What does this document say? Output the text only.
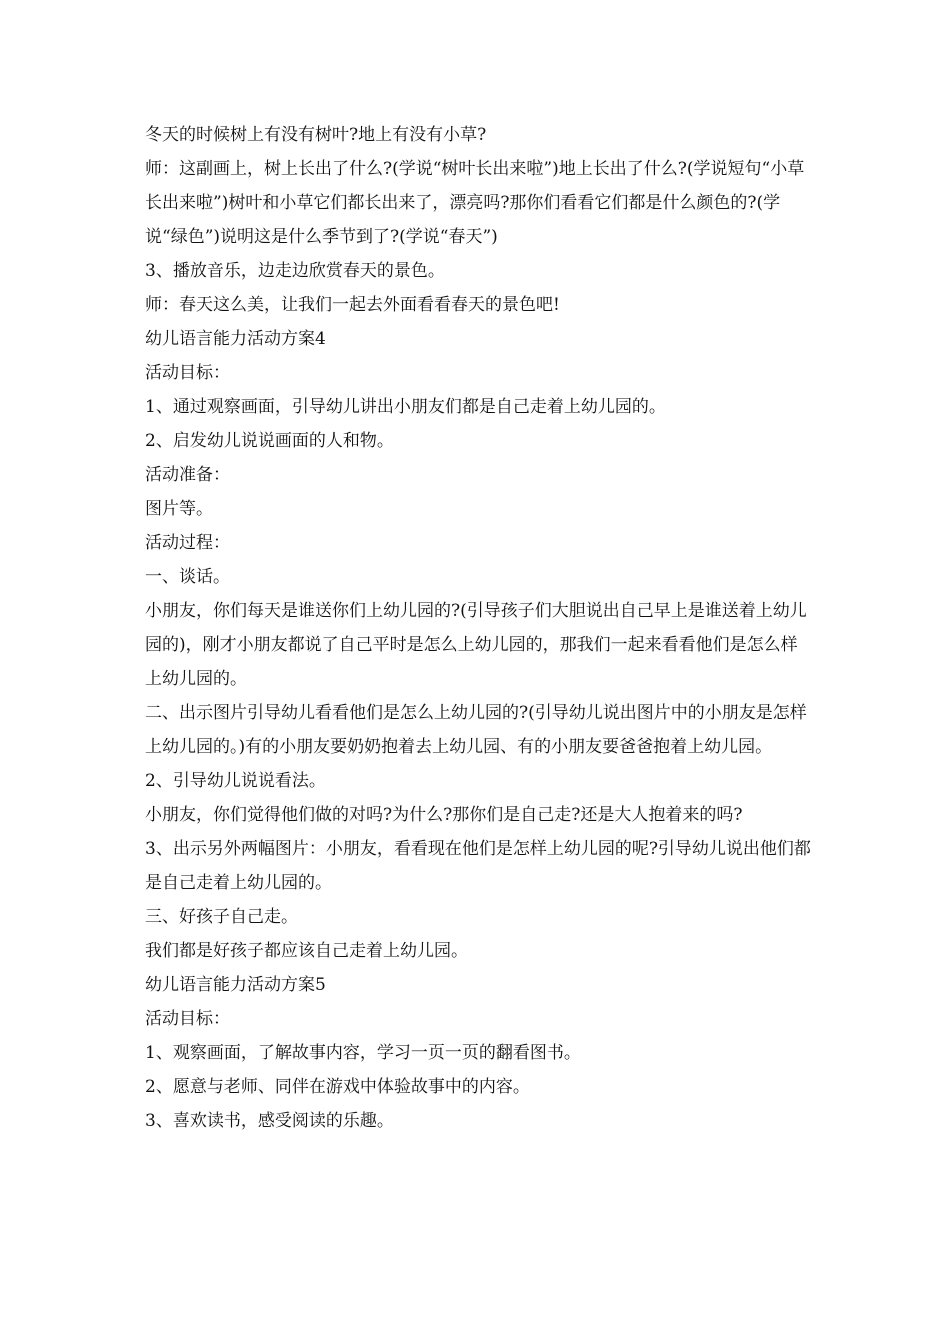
冬天的时候树上有没有树叶?地上有没有小草?

师：这副画上，树上长出了什么?(学说“树叶长出来啦”)地上长出了什么?(学说短句“小草长出来啦”)树叶和小草它们都长出来了，漂亮吗?那你们看看它们都是什么颜色的?(学说“绿色”)说明这是什么季节到了?(学说“春天”)

3、播放音乐，边走边欣赏春天的景色。

师：春天这么美，让我们一起去外面看看春天的景色吧!

幼儿语言能力活动方案4

活动目标：

1、通过观察画面，引导幼儿讲出小朋友们都是自己走着上幼儿园的。

2、启发幼儿说说画面的人和物。

活动准备：

图片等。

活动过程：

一、谈话。

小朋友，你们每天是谁送你们上幼儿园的?(引导孩子们大胆说出自己早上是谁送着上幼儿园的)，刚才小朋友都说了自己平时是怎么上幼儿园的，那我们一起来看看他们是怎么样上幼儿园的。

二、出示图片引导幼儿看看他们是怎么上幼儿园的?(引导幼儿说出图片中的小朋友是怎样上幼儿园的。)有的小朋友要奶奶抱着去上幼儿园、有的小朋友要爸爸抱着上幼儿园。

2、引导幼儿说说看法。

小朋友，你们觉得他们做的对吗?为什么?那你们是自己走?还是大人抱着来的吗?

3、出示另外两幅图片：小朋友，看看现在他们是怎样上幼儿园的呢?引导幼儿说出他们都是自己走着上幼儿园的。

三、好孩子自己走。

我们都是好孩子都应该自己走着上幼儿园。

幼儿语言能力活动方案5

活动目标：

1、观察画面，了解故事内容，学习一页一页的翻看图书。

2、愿意与老师、同伴在游戏中体验故事中的内容。

3、喜欢读书，感受阅读的乐趣。
